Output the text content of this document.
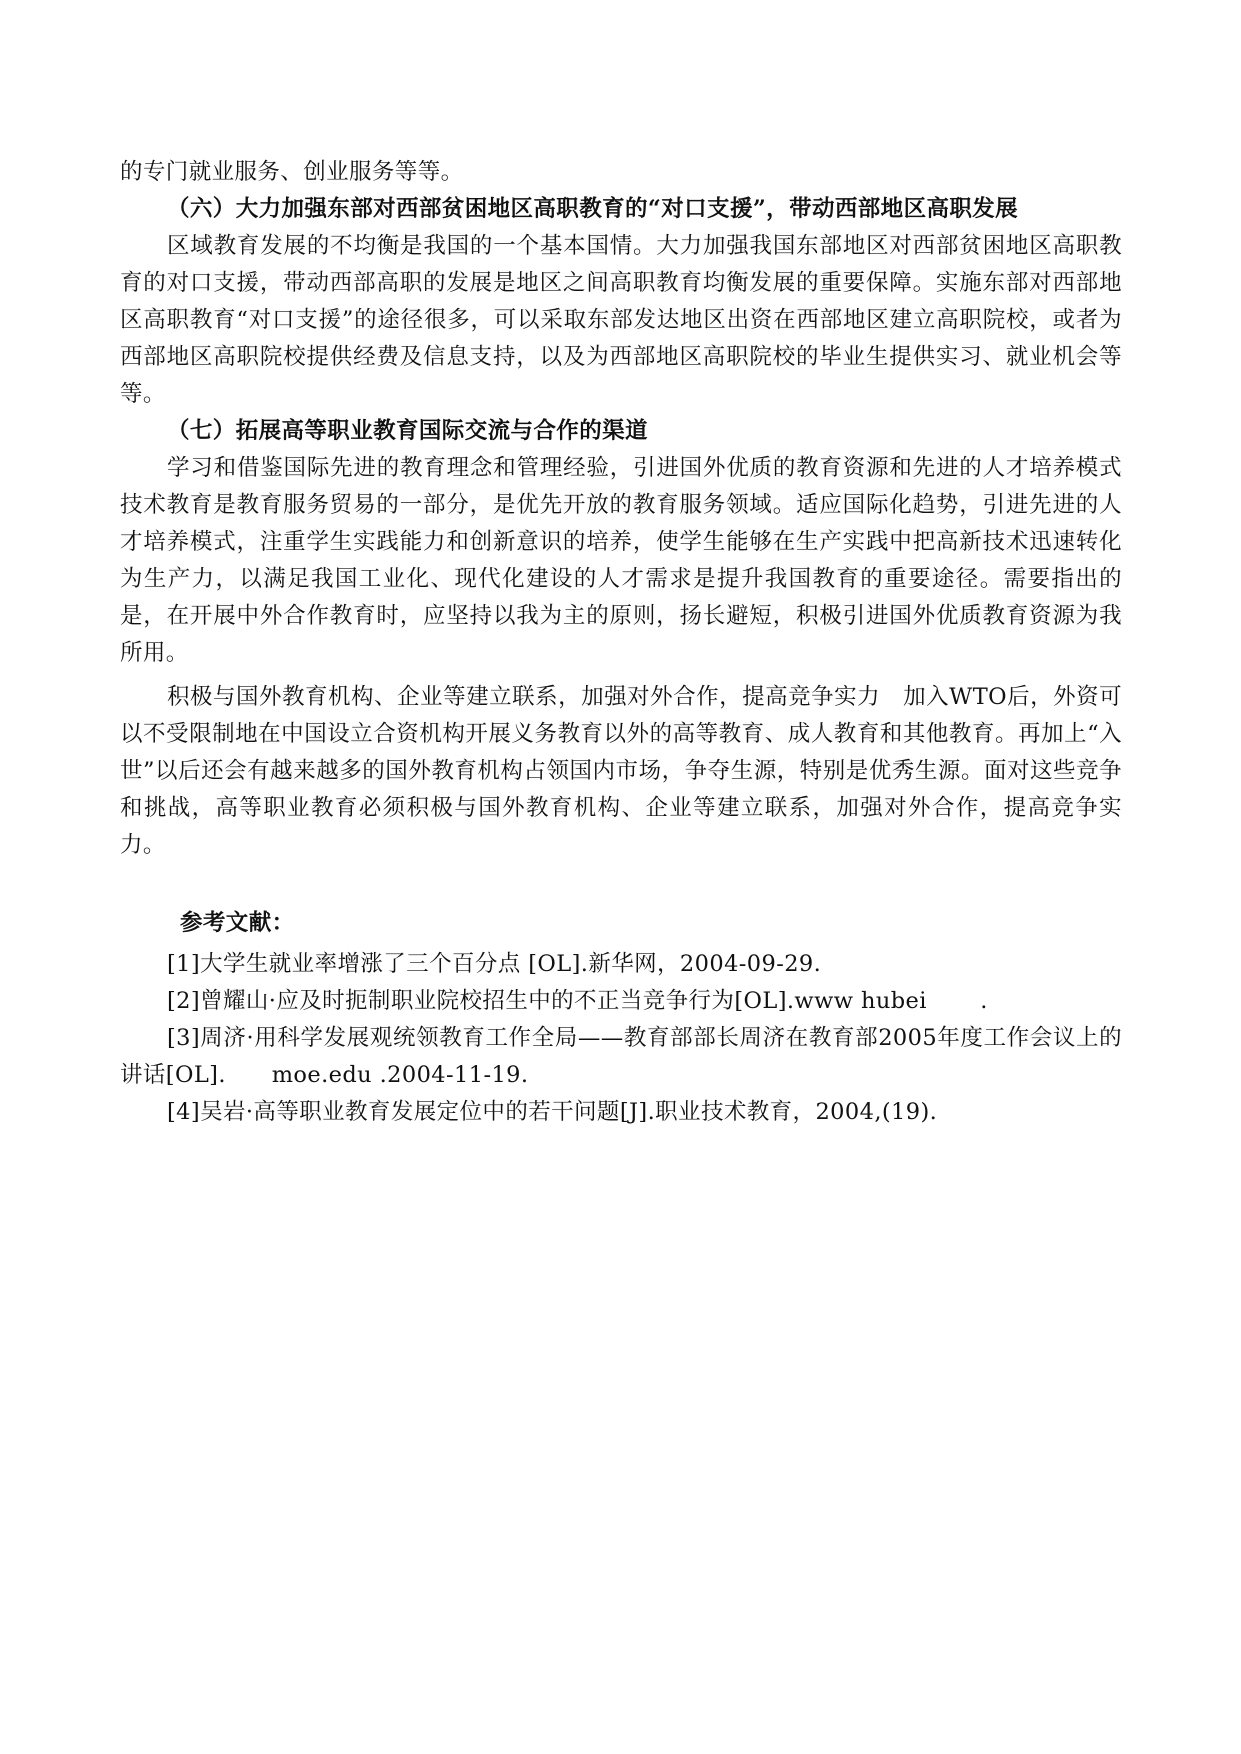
的专门就业服务、创业服务等等。

（六）大力加强东部对西部贫困地区高职教育的“对口支援”，带动西部地区高职发展

区域教育发展的不均衡是我国的一个基本国情。大力加强我国东部地区对西部贫困地区高职教育的对口支援，带动西部高职的发展是地区之间高职教育均衡发展的重要保障。实施东部对西部地区高职教育“对口支援”的途径很多，可以采取东部发达地区出资在西部地区建立高职院校，或者为西部地区高职院校提供经费及信息支持，以及为西部地区高职院校的毕业生提供实习、就业机会等等。

（七）拓展高等职业教育国际交流与合作的渠道

学习和借鉴国际先进的教育理念和管理经验，引进国外优质的教育资源和先进的人才培养模式　技术教育是教育服务贸易的一部分，是优先开放的教育服务领域。适应国际化趋势，引进先进的人才培养模式，注重学生实践能力和创新意识的培养，使学生能够在生产实践中把高新技术迅速转化为生产力，以满足我国工业化、现代化建设的人才需求是提升我国教育的重要途径。需要指出的是，在开展中外合作教育时，应坚持以我为主的原则，扬长避短，积极引进国外优质教育资源为我所用。

积极与国外教育机构、企业等建立联系，加强对外合作，提高竞争实力　加入WTO后，外资可以不受限制地在中国设立合资机构开展义务教育以外的高等教育、成人教育和其他教育。再加上“入世”以后还会有越来越多的国外教育机构占领国内市场，争夺生源，特别是优秀生源。面对这些竞争和挑战，高等职业教育必须积极与国外教育机构、企业等建立联系，加强对外合作，提高竞争实力。

参考文献：

[1]大学生就业率增涨了三个百分点 [OL].新华网，2004-09-29.

[2]曾耀山·应及时扼制职业院校招生中的不正当竞争行为[OL].www hubei　　 .

[3]周济·用科学发展观统领教育工作全局——教育部部长周济在教育部2005年度工作会议上的讲话[OL].　　moe.edu .2004-11-19.

[4]吴岩·高等职业教育发展定位中的若干问题[J].职业技术教育，2004,(19).
